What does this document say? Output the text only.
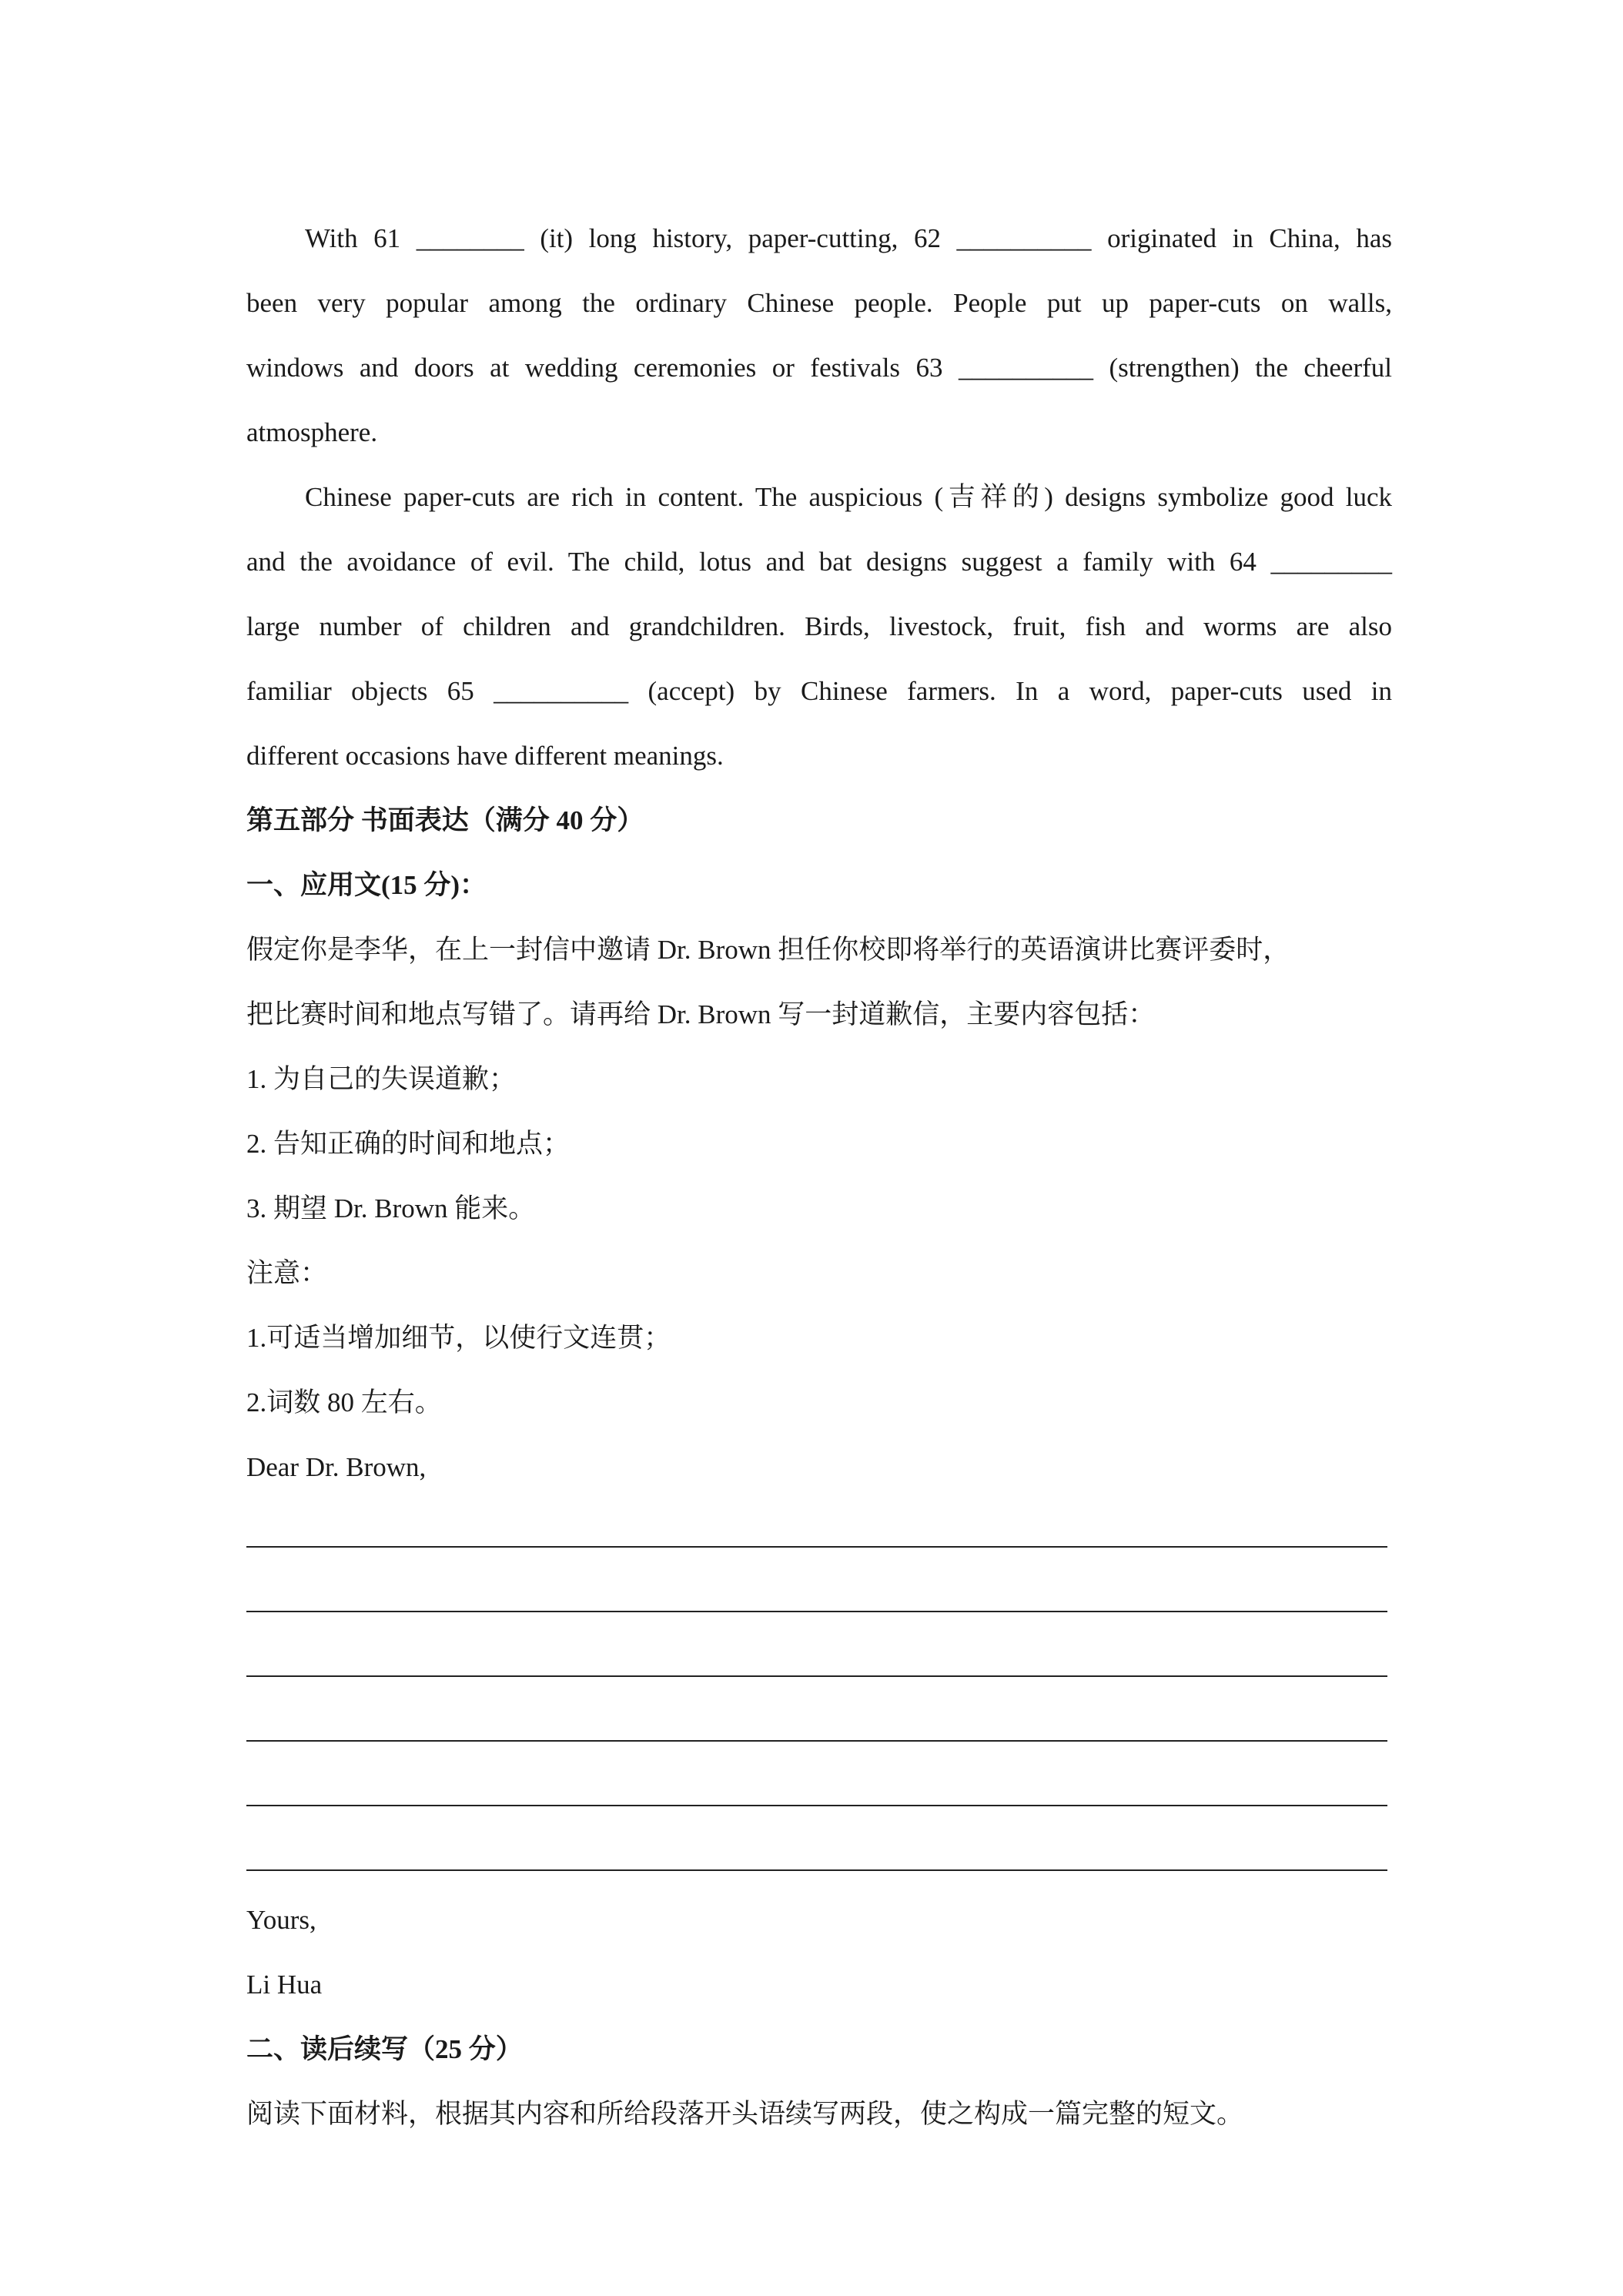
With 61 ________ (it) long history, paper-cutting, 62 __________ originated in China, has

been very popular among the ordinary Chinese people. People put up paper-cuts on walls,

windows and doors at wedding ceremonies or festivals 63 __________ (strengthen) the cheerful

atmosphere.

Chinese paper-cuts are rich in content. The auspicious (吉祥的) designs symbolize good luck

and the avoidance of evil. The child, lotus and bat designs suggest a family with 64 _________

large number of children and grandchildren. Birds, livestock, fruit, fish and worms are also

familiar objects 65 __________ (accept) by Chinese farmers. In a word, paper-cuts used in

different occasions have different meanings.

第五部分 书面表达（满分 40 分）

一、应用文(15 分)：

假定你是李华，在上一封信中邀请 Dr. Brown 担任你校即将举行的英语演讲比赛评委时，

把比赛时间和地点写错了。请再给 Dr. Brown 写一封道歉信，主要内容包括：

1. 为自己的失误道歉；

2. 告知正确的时间和地点；

3. 期望 Dr. Brown 能来。

注意：

1.可适当增加细节，以使行文连贯；

2.词数 80 左右。

Dear Dr. Brown,

Yours,

Li Hua

二、读后续写（25 分）

阅读下面材料，根据其内容和所给段落开头语续写两段，使之构成一篇完整的短文。
